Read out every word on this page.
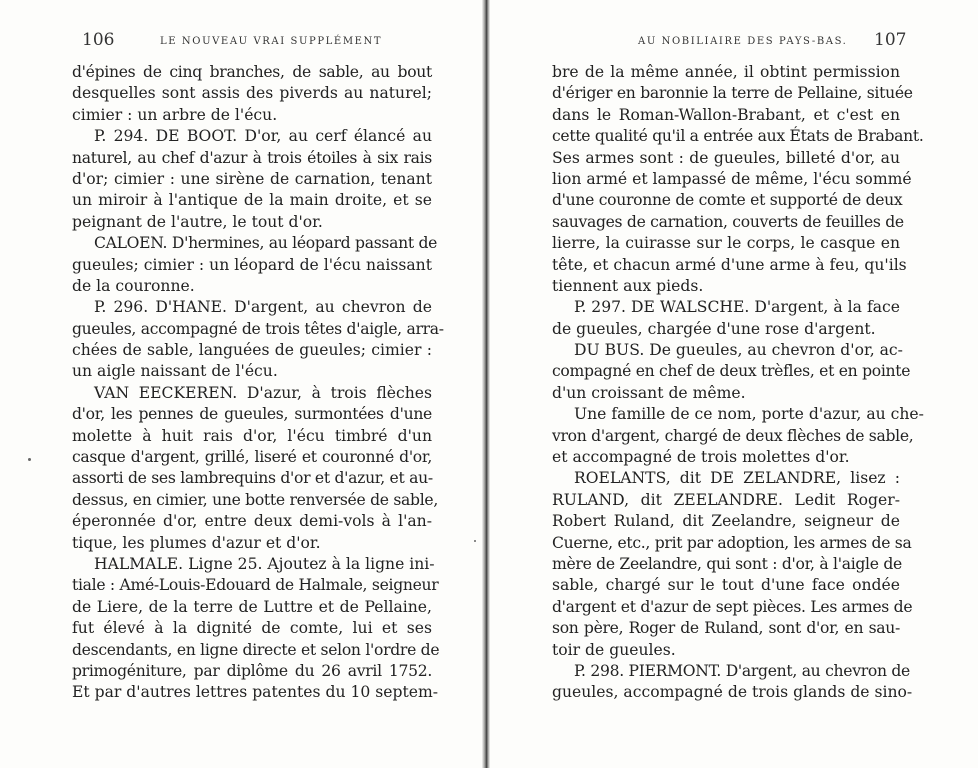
106	LE NOUVEAU VRAI SUPPLÉMENT
d'épines de cinq branches, de sable, au bout
desquelles sont assis des piverds au naturel;
cimier : un arbre de l'écu.
P. 294. DE BOOT. D'or, au cerf élancé au
naturel, au chef d'azur à trois étoiles à six rais
d'or; cimier : une sirène de carnation, tenant
un miroir à l'antique de la main droite, et se
peignant de l'autre, le tout d'or.
CALOEN. D'hermines, au léopard passant de
gueules; cimier : un léopard de l'écu naissant
de la couronne.
P. 296. D'HANE. D'argent, au chevron de
gueules, accompagné de trois têtes d'aigle, arra-
chées de sable, languées de gueules; cimier :
un aigle naissant de l'écu.
VAN EECKEREN. D'azur, à trois flèches
d'or, les pennes de gueules, surmontées d'une
molette à huit rais d'or, l'écu timbré d'un
casque d'argent, grillé, liseré et couronné d'or,
assorti de ses lambrequins d'or et d'azur, et au-
dessus, en cimier, une botte renversée de sable,
éperonnée d'or, entre deux demi-vols à l'an-
tique, les plumes d'azur et d'or.
HALMALE. Ligne 25. Ajoutez à la ligne ini-
tiale : Amé-Louis-Edouard de Halmale, seigneur
de Liere, de la terre de Luttre et de Pellaine,
fut élevé à la dignité de comte, lui et ses
descendants, en ligne directe et selon l'ordre de
primogéniture, par diplôme du 26 avril 1752.
Et par d'autres lettres patentes du 10 septem-
AU NOBILIAIRE DES PAYS-BAS. 107
bre de la même année, il obtint permission
d'ériger en baronnie la terre de Pellaine, située
dans le Roman-Wallon-Brabant, et c'est en
cette qualité qu'il a entrée aux États de Brabant.
Ses armes sont : de gueules, billeté d'or, au
lion armé et lampassé de même, l'écu sommé
d'une couronne de comte et supporté de deux
sauvages de carnation, couverts de feuilles de
lierre, la cuirasse sur le corps, le casque en
tête, et chacun armé d'une arme à feu, qu'ils
tiennent aux pieds.
P. 297. DE WALSCHE. D'argent, à la face
de gueules, chargée d'une rose d'argent.
DU BUS. De gueules, au chevron d'or, ac-
compagné en chef de deux trèfles, et en pointe
d'un croissant de même.
Une famille de ce nom, porte d'azur, au che-
vron d'argent, chargé de deux flèches de sable,
et accompagné de trois molettes d'or.
ROELANTS, dit DE ZELANDRE, lisez :
RULAND, dit ZEELANDRE. Ledit Roger-
Robert Ruland, dit Zeelandre, seigneur de
Cuerne, etc., prit par adoption, les armes de sa
mère de Zeelandre, qui sont : d'or, à l'aigle de
sable, chargé sur le tout d'une face ondée
d'argent et d'azur de sept pièces. Les armes de
son père, Roger de Ruland, sont d'or, en sau-
toir de gueules.
P. 298. PIERMONT. D'argent, au chevron de
gueules, accompagné de trois glands de sino-
